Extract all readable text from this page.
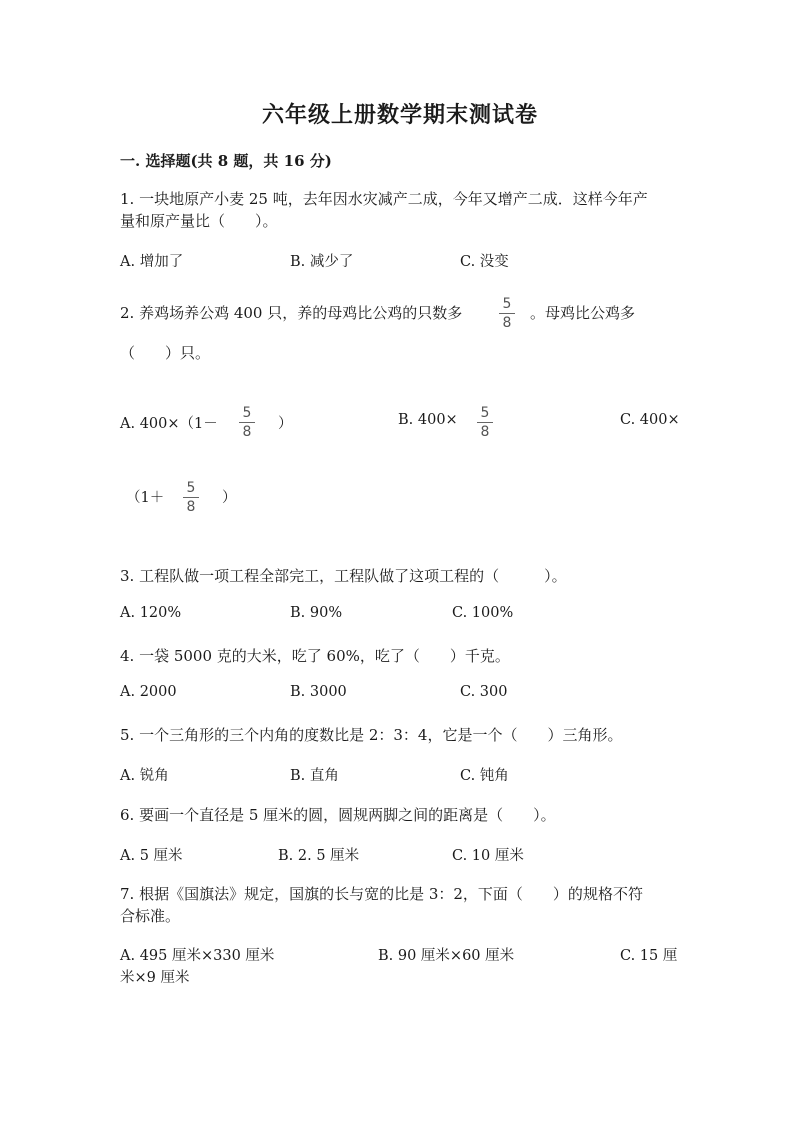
六年级上册数学期末测试卷
一. 选择题(共 8 题，共 16 分)
1. 一块地原产小麦 25 吨，去年因水灾减产二成，今年又增产二成．这样今年产
量和原产量比（　　）。
A. 增加了	B. 减少了	C. 没变
2. 养鸡场养公鸡 400 只，养的母鸡比公鸡的只数多	5
8
。母鸡比公鸡多
（　　）只。
A. 400×（1－
5
8	）	B. 400×	5
8
C. 400×
（1＋
5
8
）
3. 工程队做一项工程全部完工，工程队做了这项工程的（　　　）。
A. 120%	B. 90%	C. 100%
4. 一袋 5000 克的大米，吃了 60%，吃了（　　）千克。
A. 2000	B. 3000	C. 300
5. 一个三角形的三个内角的度数比是 2：3：4，它是一个（　　）三角形。
A. 锐角	B. 直角	C. 钝角
6. 要画一个直径是 5 厘米的圆，圆规两脚之间的距离是（　　）。
A. 5 厘米	B. 2. 5 厘米	C. 10 厘米
7. 根据《国旗法》规定，国旗的长与宽的比是 3：2，下面（　　）的规格不符
合标准。
A. 495 厘米×330 厘米	B. 90 厘米×60 厘米	C. 15 厘
米×9 厘米
